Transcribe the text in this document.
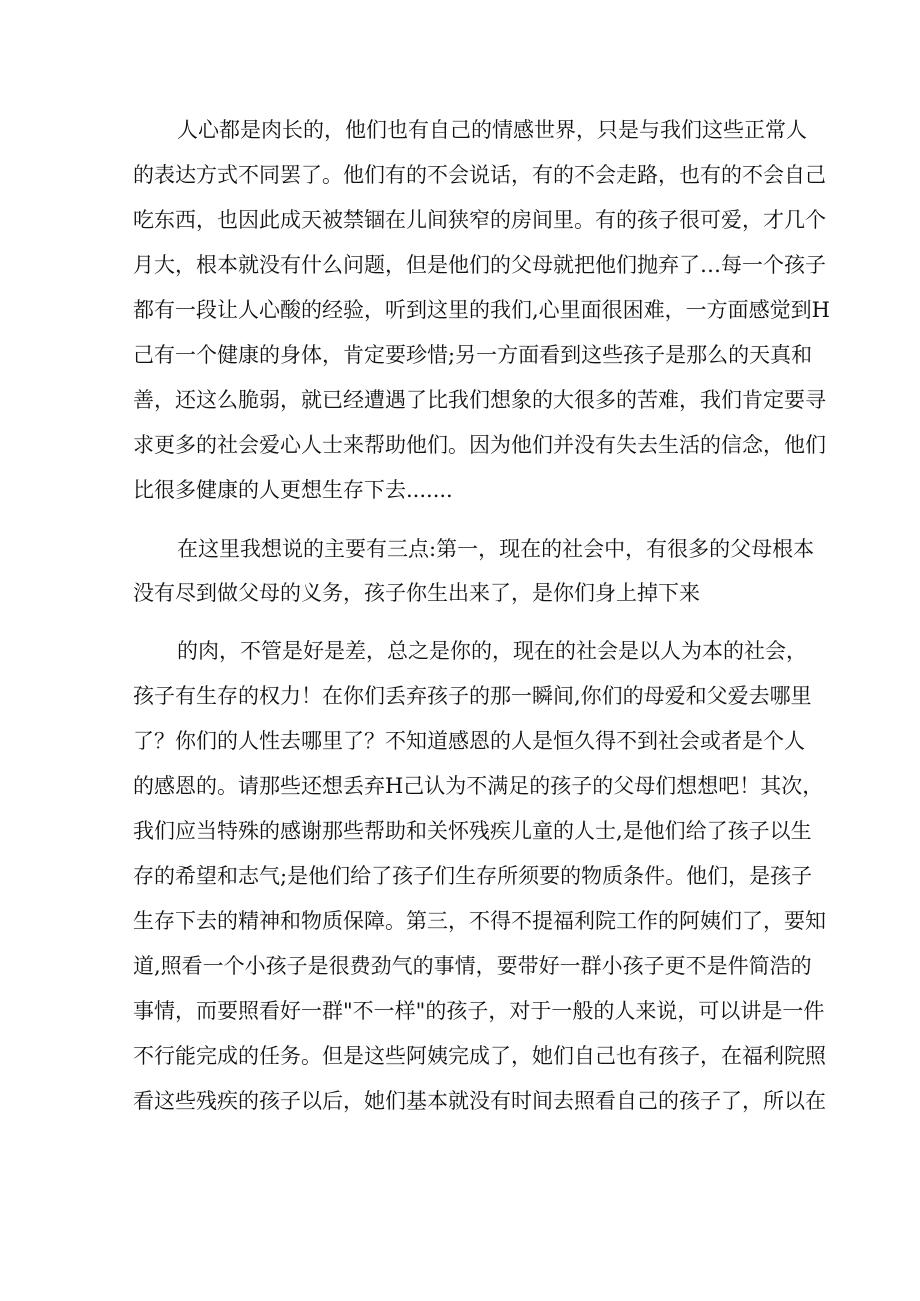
人心都是肉长的，他们也有自己的情感世界，只是与我们这些正常人
的表达方式不同罢了。他们有的不会说话，有的不会走路，也有的不会自己
吃东西，也因此成天被禁锢在儿间狭窄的房间里。有的孩子很可爱，才几个
月大，根本就没有什么问题，但是他们的父母就把他们抛弃了…每一个孩子
都有一段让人心酸的经验，听到这里的我们,心里面很困难，一方面感觉到H
己有一个健康的身体，肯定要珍惜;另一方面看到这些孩子是那么的天真和
善，还这么脆弱，就已经遭遇了比我们想象的大很多的苦难，我们肯定要寻
求更多的社会爱心人士来帮助他们。因为他们并没有失去生活的信念，他们
比很多健康的人更想生存下去.......
在这里我想说的主要有三点:第一，现在的社会中，有很多的父母根本
没有尽到做父母的义务，孩子你生出来了，是你们身上掉下来
的肉，不管是好是差，总之是你的，现在的社会是以人为本的社会，
孩子有生存的权力！在你们丢弃孩子的那一瞬间,你们的母爱和父爱去哪里
了？你们的人性去哪里了？不知道感恩的人是恒久得不到社会或者是个人
的感恩的。请那些还想丢弃H己认为不满足的孩子的父母们想想吧！其次，
我们应当特殊的感谢那些帮助和关怀残疾儿童的人士,是他们给了孩子以生
存的希望和志气;是他们给了孩子们生存所须要的物质条件。他们，是孩子
生存下去的精神和物质保障。第三，不得不提福利院工作的阿姨们了，要知
道,照看一个小孩子是很费劲气的事情，要带好一群小孩子更不是件简浩的
事情，而要照看好一群"不一样"的孩子，对于一般的人来说，可以讲是一件
不行能完成的任务。但是这些阿姨完成了，她们自己也有孩子，在福利院照
看这些残疾的孩子以后，她们基本就没有时间去照看自己的孩子了，所以在
